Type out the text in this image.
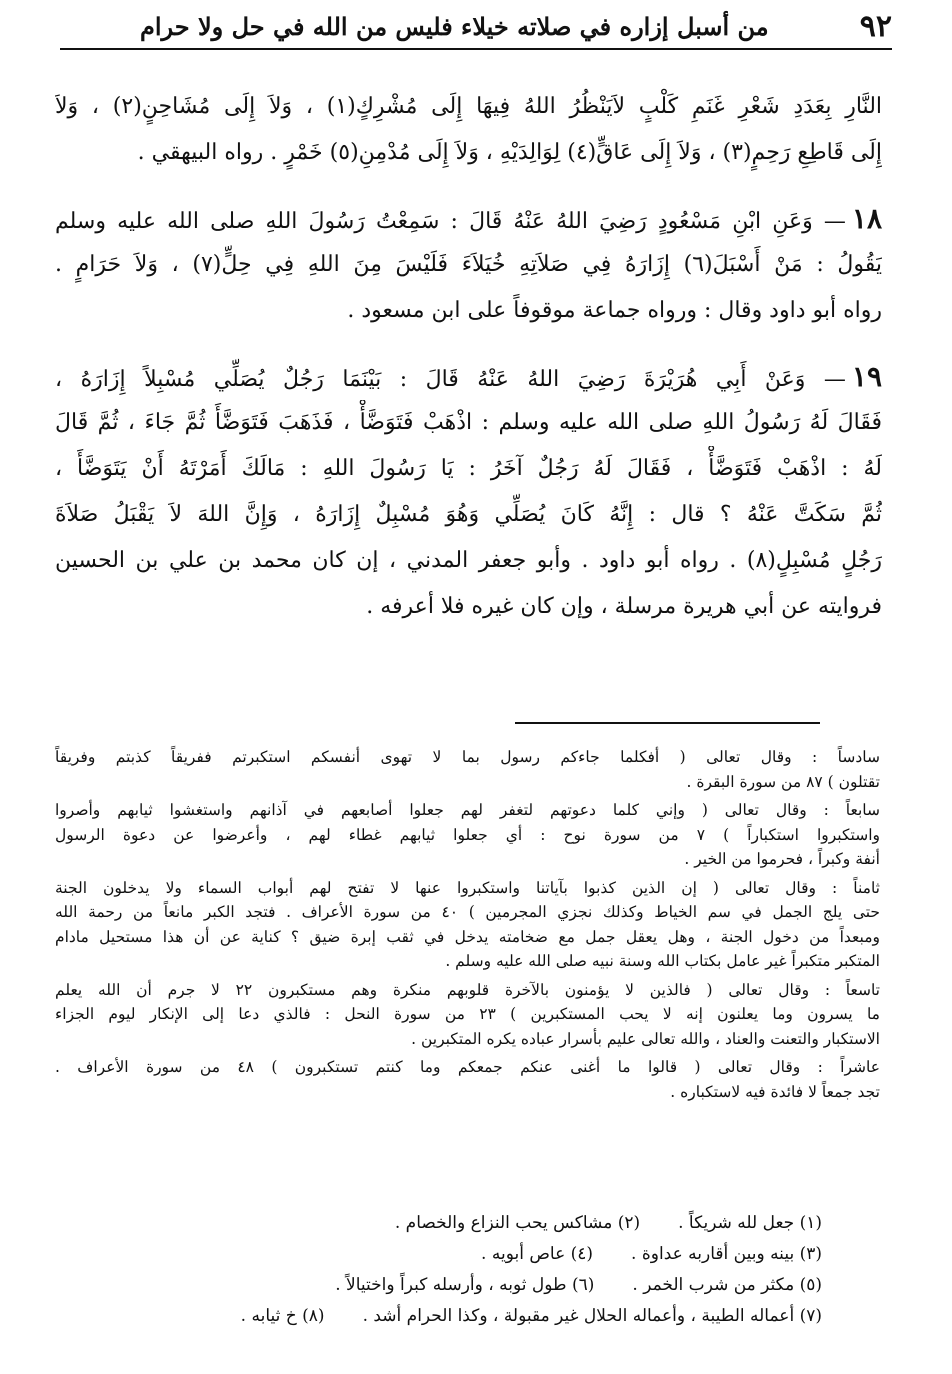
٩٢
من أسبل إزاره في صلاته خيلاء فليس من الله في حل ولا حرام
النَّارِ بِعَدَدِ شَعْرِ غَنَمِ كَلْبٍ لاَيَنْظُرُ اللهُ فِيهَا إِلَى مُشْرِكٍ(١) ، وَلاَ إِلَى مُشَاحِنٍ(٢) ، وَلاَ
إِلَى قَاطِعِ رَحِمٍ(٣) ، وَلاَ إِلَى عَاقٍّ(٤) لِوَالِدَيْهِ ، وَلاَ إِلَى مُدْمِنِ(٥) خَمْرٍ . رواه البيهقي .
١٨— وَعَنِ ابْنِ مَسْعُودٍ رَضِيَ اللهُ عَنْهُ قَالَ : سَمِعْتُ رَسُولَ اللهِ صلى الله عليه وسلم
يَقُولُ : مَنْ أَسْبَلَ(٦) إِزَارَهُ فِي صَلاَتِهِ خُيَلاَءَ فَلَيْسَ مِنَ اللهِ فِي حِلٍّ(٧) ، وَلاَ حَرَامٍ .
رواه أبو داود وقال : ورواه جماعة موقوفاً على ابن مسعود .
١٩— وَعَنْ أَبِي هُرَيْرَةَ رَضِيَ اللهُ عَنْهُ قَالَ : بَيْنَمَا رَجُلٌ يُصَلِّي مُسْبِلاً إِزَارَهُ ،
فَقَالَ لَهُ رَسُولُ اللهِ صلى الله عليه وسلم : اذْهَبْ فَتَوَضَّأْ ، فَذَهَبَ فَتَوَضَّأَ ثُمَّ جَاءَ ، ثُمَّ قَالَ
لَهُ : اذْهَبْ فَتَوَضَّأْ ، فَقَالَ لَهُ رَجُلٌ آخَرُ : يَا رَسُولَ اللهِ : مَالَكَ أَمَرْتَهُ أَنْ يَتَوَضَّأَ ،
ثُمَّ سَكَتَّ عَنْهُ ؟ قال : إِنَّهُ كَانَ يُصَلِّي وَهُوَ مُسْبِلٌ إِزَارَهُ ، وَإِنَّ اللهَ لاَ يَقْبَلُ صَلاَةَ
رَجُلٍ مُسْبِلٍ(٨) . رواه أبو داود . وأبو جعفر المدني ، إن كان محمد بن علي بن الحسين
فروايته عن أبي هريرة مرسلة ، وإن كان غيره فلا أعرفه .
سادساً : وقال تعالى ( أفكلما جاءكم رسول بما لا تهوى أنفسكم استكبرتم ففريقاً كذبتم وفريقاً
تقتلون ) ٨٧ من سورة البقرة .
سابعاً : وقال تعالى ( وإني كلما دعوتهم لتغفر لهم جعلوا أصابعهم في آذانهم واستغشوا ثيابهم وأصروا
واستكبروا استكباراً ) ٧ من سورة نوح : أي جعلوا ثيابهم غطاء لهم ، وأعرضوا عن دعوة الرسول
أنفة وكبراً ، فحرموا من الخير .
ثامناً : وقال تعالى ( إن الذين كذبوا بآياتنا واستكبروا عنها لا تفتح لهم أبواب السماء ولا يدخلون الجنة
حتى يلج الجمل في سم الخياط وكذلك نجزي المجرمين ) ٤٠ من سورة الأعراف . فتجد الكبر مانعاً من رحمة الله
ومبعداً من دخول الجنة ، وهل يعقل جمل مع ضخامته يدخل في ثقب إبرة ضيق ؟ كناية عن أن هذا مستحيل مادام
المتكبر متكبراً غير عامل بكتاب الله وسنة نبيه صلى الله عليه وسلم .
تاسعاً : وقال تعالى ( فالذين لا يؤمنون بالآخرة قلوبهم منكرة وهم مستكبرون ٢٢ لا جرم أن الله يعلم
ما يسرون وما يعلنون إنه لا يحب المستكبرين ) ٢٣ من سورة النحل : فالذي دعا إلى الإنكار ليوم الجزاء
الاستكبار والتعنت والعناد ، والله تعالى عليم بأسرار عباده يكره المتكبرين .
عاشراً : وقال تعالى ( قالوا ما أغنى عنكم جمعكم وما كنتم تستكبرون ) ٤٨ من سورة الأعراف .
تجد جمعاً لا فائدة فيه لاستكباره .
(١) جعل لله شريكاً .(٢) مشاكس يحب النزاع والخصام .
(٣) بينه وبين أقاربه عداوة .(٤) عاص أبويه .
(٥) مكثر من شرب الخمر .(٦) طول ثوبه ، وأرسله كبراً واختيالاً .
(٧) أعماله الطيبة ، وأعماله الحلال غير مقبولة ، وكذا الحرام أشد .(٨) خ ثيابه .
